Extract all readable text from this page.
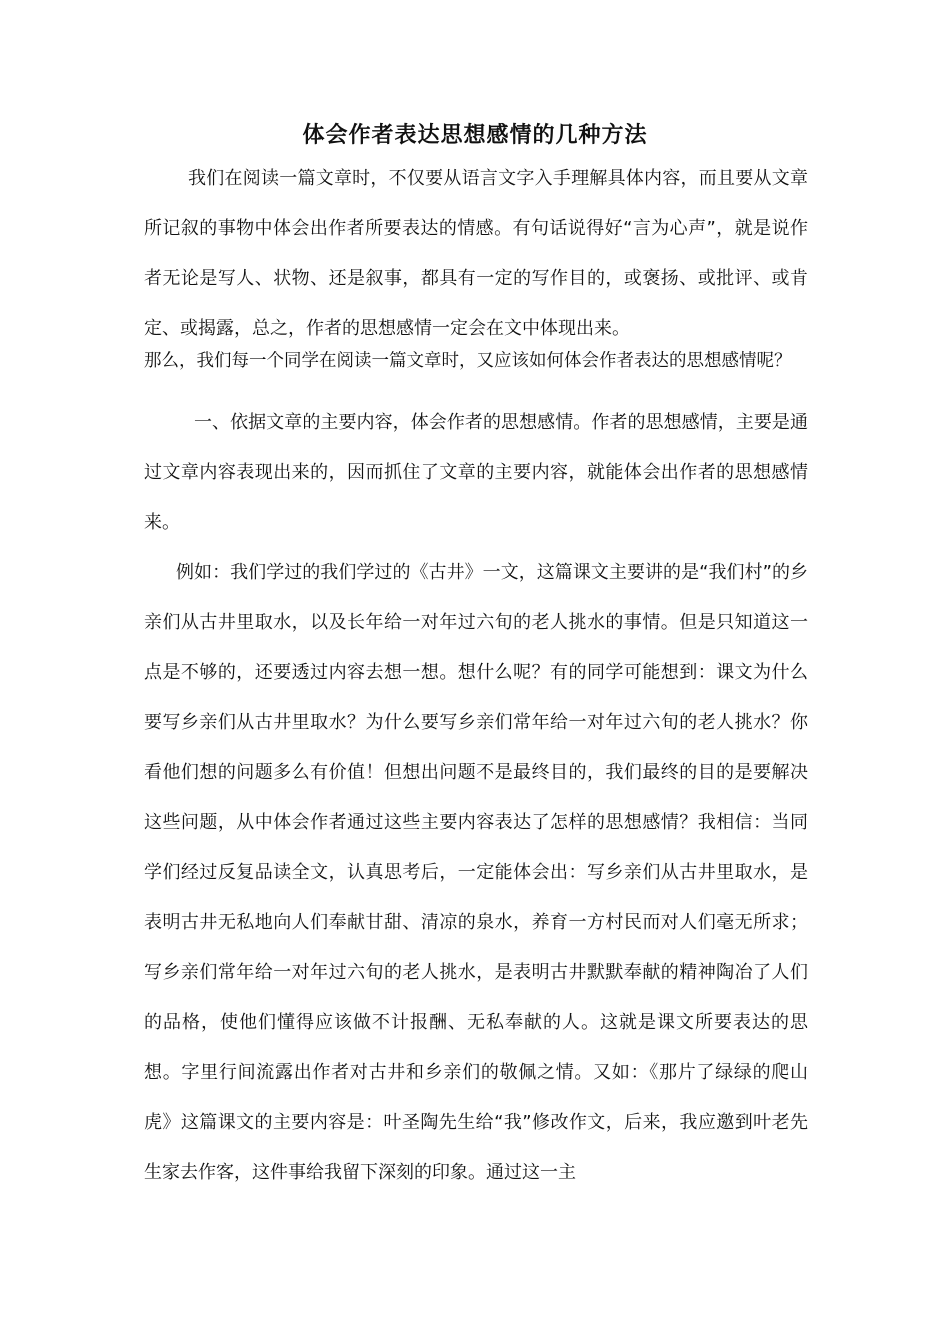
体会作者表达思想感情的几种方法

我们在阅读一篇文章时，不仅要从语言文字入手理解具体内容，而且要从文章所记叙的事物中体会出作者所要表达的情感。有句话说得好“言为心声”，就是说作者无论是写人、状物、还是叙事，都具有一定的写作目的，或褒扬、或批评、或肯定、或揭露，总之，作者的思想感情一定会在文中体现出来。

那么，我们每一个同学在阅读一篇文章时，又应该如何体会作者表达的思想感情呢？

一、依据文章的主要内容，体会作者的思想感情。作者的思想感情，主要是通过文章内容表现出来的，因而抓住了文章的主要内容，就能体会出作者的思想感情来。

例如：我们学过的我们学过的《古井》一文，这篇课文主要讲的是“我们村”的乡亲们从古井里取水，以及长年给一对年过六旬的老人挑水的事情。但是只知道这一点是不够的，还要透过内容去想一想。想什么呢？有的同学可能想到：课文为什么要写乡亲们从古井里取水？为什么要写乡亲们常年给一对年过六旬的老人挑水？你看他们想的问题多么有价值！但想出问题不是最终目的，我们最终的目的是要解决这些问题，从中体会作者通过这些主要内容表达了怎样的思想感情？我相信：当同学们经过反复品读全文，认真思考后，一定能体会出：写乡亲们从古井里取水，是表明古井无私地向人们奉献甘甜、清凉的泉水，养育一方村民而对人们毫无所求；写乡亲们常年给一对年过六旬的老人挑水，是表明古井默默奉献的精神陶冶了人们的品格，使他们懂得应该做不计报酬、无私奉献的人。这就是课文所要表达的思想。字里行间流露出作者对古井和乡亲们的敬佩之情。又如：《那片了绿绿的爬山虎》这篇课文的主要内容是：叶圣陶先生给“我”修改作文，后来，我应邀到叶老先生家去作客，这件事给我留下深刻的印象。通过这一主
